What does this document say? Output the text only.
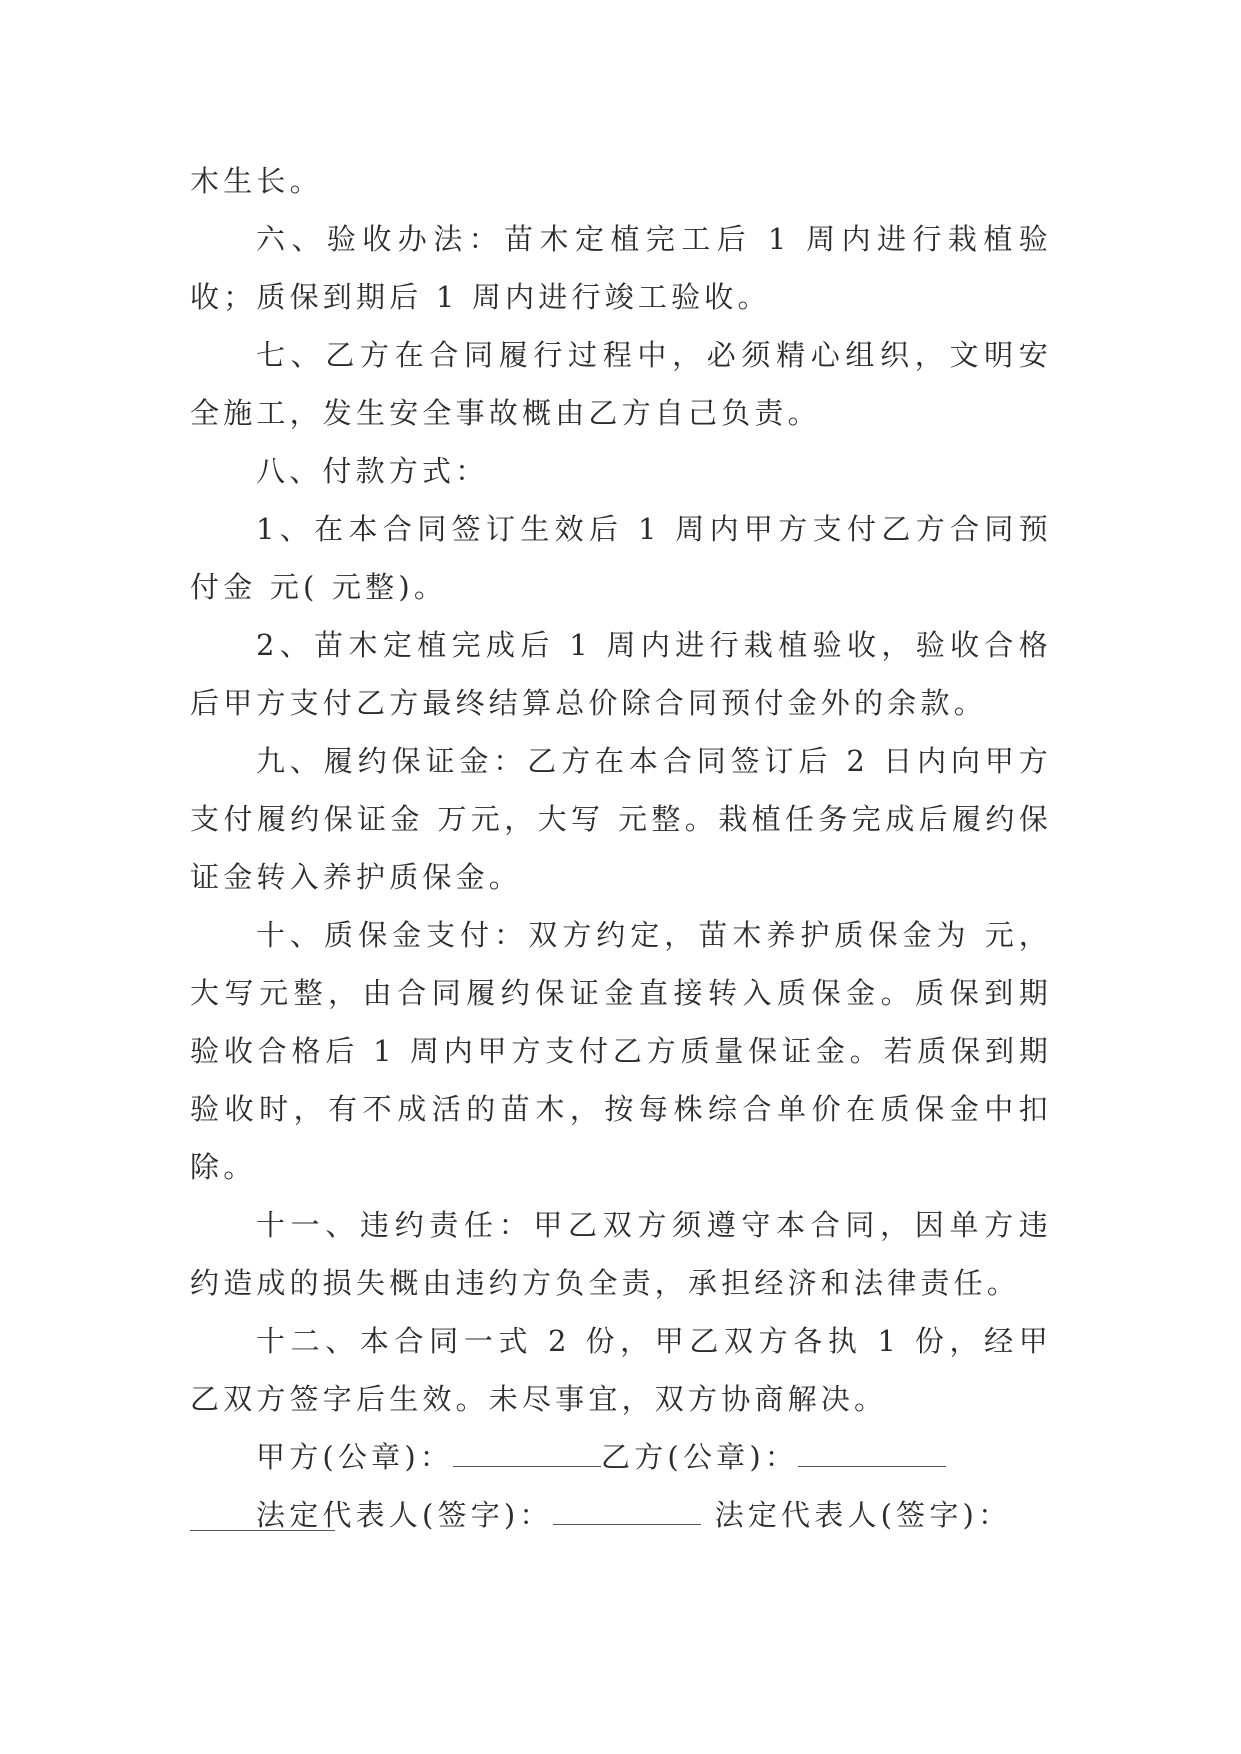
木生长。

六、验收办法：苗木定植完工后 1 周内进行栽植验收；质保到期后 1 周内进行竣工验收。

七、乙方在合同履行过程中，必须精心组织，文明安全施工，发生安全事故概由乙方自己负责。

八、付款方式：

1、在本合同签订生效后 1 周内甲方支付乙方合同预付金 元( 元整)。

2、苗木定植完成后 1 周内进行栽植验收，验收合格后甲方支付乙方最终结算总价除合同预付金外的余款。

九、履约保证金：乙方在本合同签订后 2 日内向甲方支付履约保证金 万元，大写 元整。栽植任务完成后履约保证金转入养护质保金。

十、质保金支付：双方约定，苗木养护质保金为 元，大写元整，由合同履约保证金直接转入质保金。质保到期验收合格后 1 周内甲方支付乙方质量保证金。若质保到期验收时，有不成活的苗木，按每株综合单价在质保金中扣除。

十一、违约责任：甲乙双方须遵守本合同，因单方违约造成的损失概由违约方负全责，承担经济和法律责任。

十二、本合同一式 2 份，甲乙双方各执 1 份，经甲乙双方签字后生效。未尽事宜，双方协商解决。

甲方(公章)：	乙方(公章)：

法定代表人(签字)：	法定代表人(签字)：
